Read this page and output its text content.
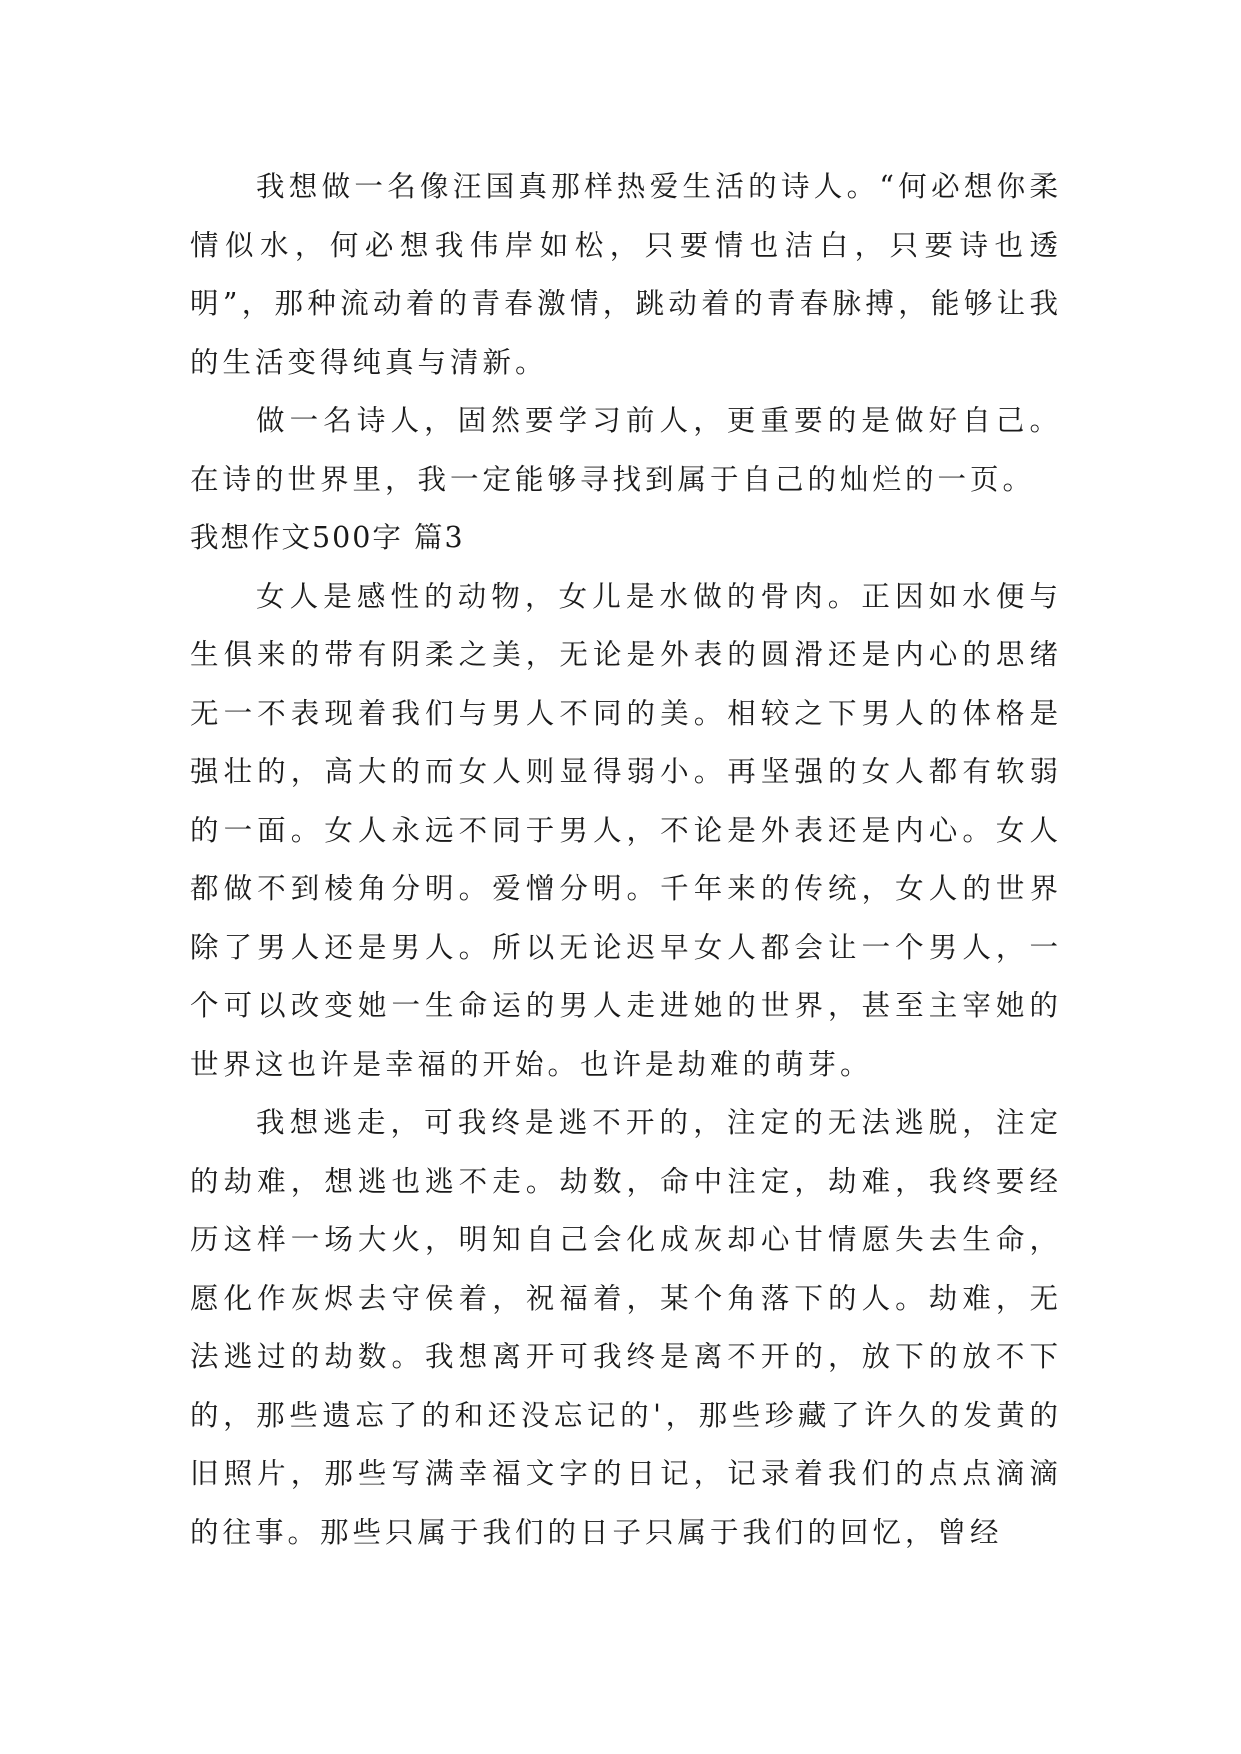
我想做一名像汪国真那样热爱生活的诗人。“何必想你柔情似水，何必想我伟岸如松，只要情也洁白，只要诗也透明”，那种流动着的青春激情，跳动着的青春脉搏，能够让我的生活变得纯真与清新。

做一名诗人，固然要学习前人，更重要的是做好自己。在诗的世界里，我一定能够寻找到属于自己的灿烂的一页。

我想作文500字 篇3

女人是感性的动物，女儿是水做的骨肉。正因如水便与生俱来的带有阴柔之美，无论是外表的圆滑还是内心的思绪无一不表现着我们与男人不同的美。相较之下男人的体格是强壮的，高大的而女人则显得弱小。再坚强的女人都有软弱的一面。女人永远不同于男人，不论是外表还是内心。女人都做不到棱角分明。爱憎分明。千年来的传统，女人的世界除了男人还是男人。所以无论迟早女人都会让一个男人，一个可以改变她一生命运的男人走进她的世界，甚至主宰她的世界这也许是幸福的开始。也许是劫难的萌芽。

我想逃走，可我终是逃不开的，注定的无法逃脱，注定的劫难，想逃也逃不走。劫数，命中注定，劫难，我终要经历这样一场大火，明知自己会化成灰却心甘情愿失去生命，愿化作灰烬去守侯着，祝福着，某个角落下的人。劫难，无法逃过的劫数。我想离开可我终是离不开的，放下的放不下的，那些遗忘了的和还没忘记的'，那些珍藏了许久的发黄的旧照片，那些写满幸福文字的日记，记录着我们的点点滴滴的往事。那些只属于我们的日子只属于我们的回忆，曾经
